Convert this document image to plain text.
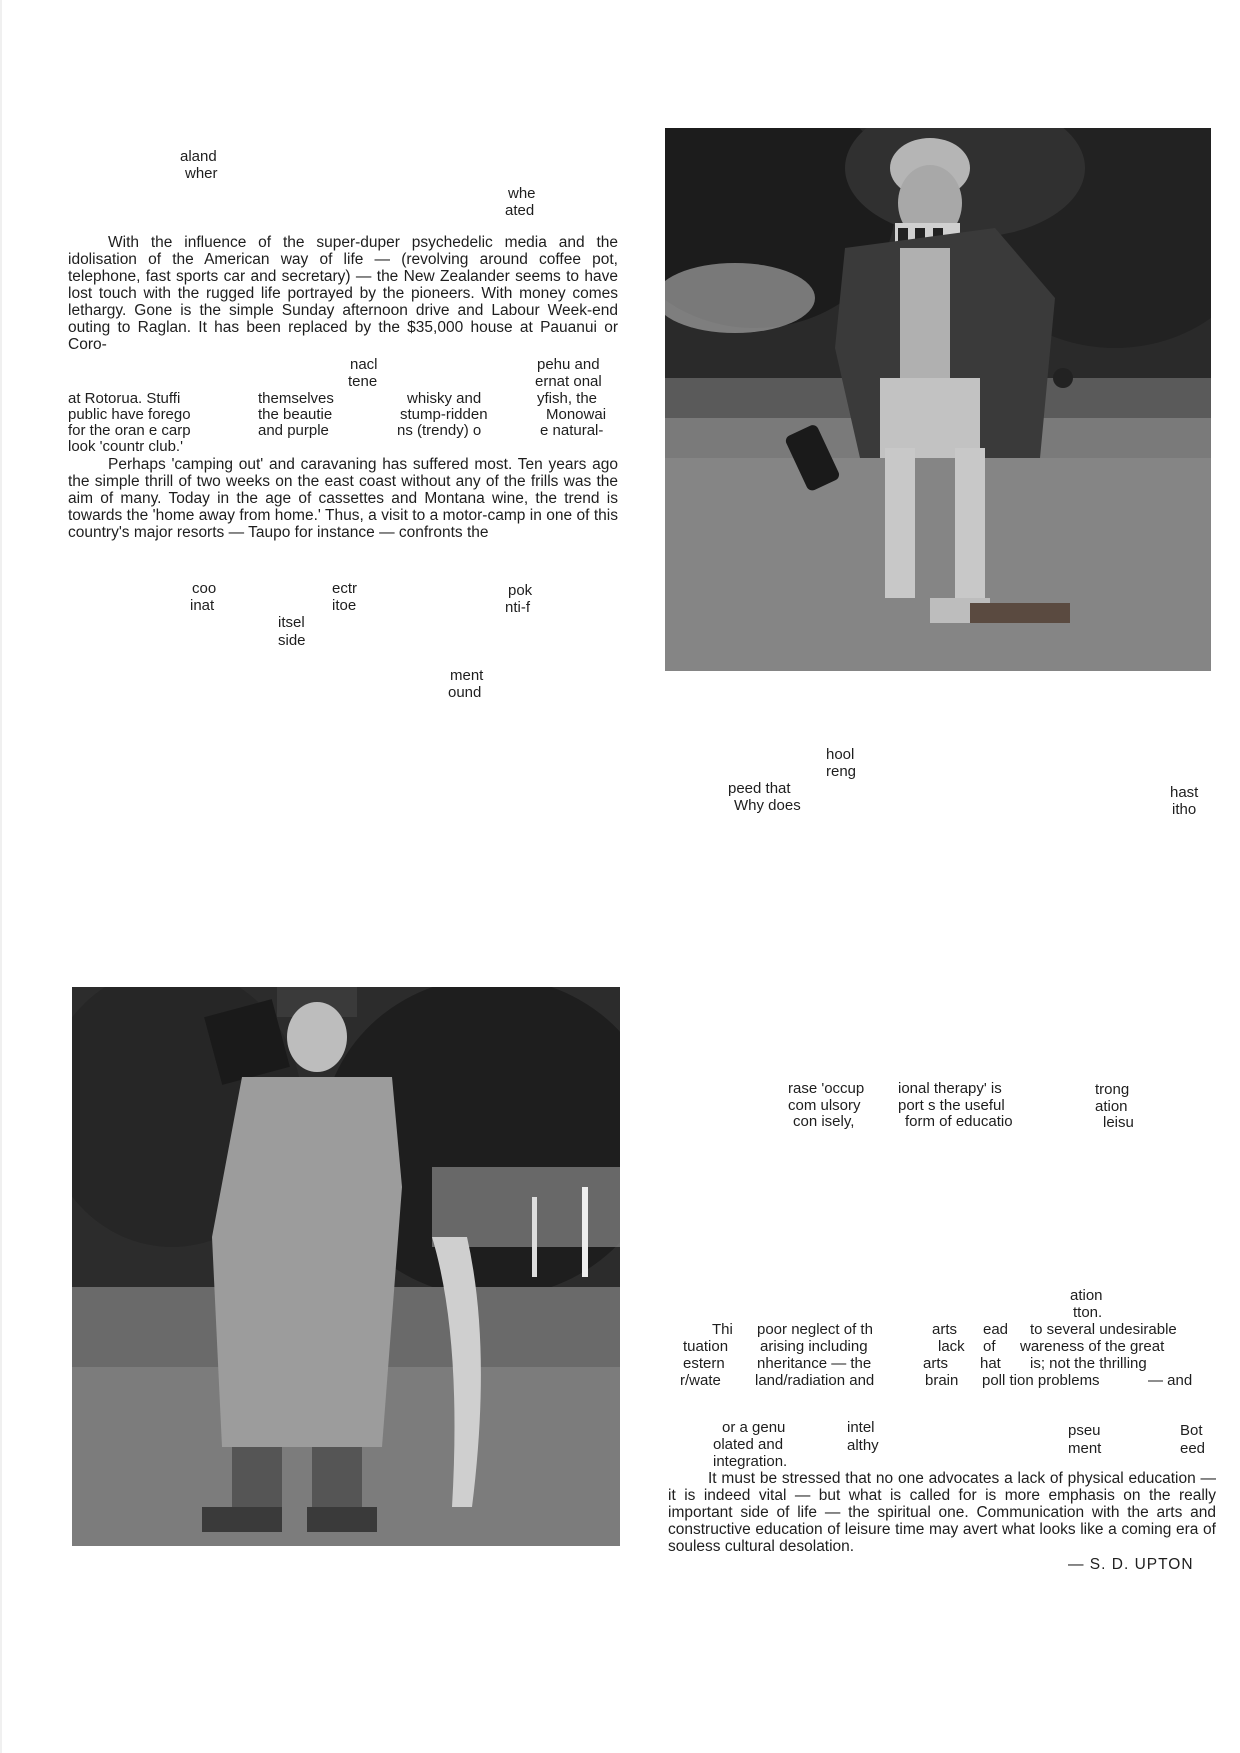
aland
wher
whe
ated

With the influence of the super-duper psychedelic media and the idolisation of the American way of life — (revolving around coffee pot, telephone, fast sports car and secretary) — the New Zealander seems to have lost touch with the rugged life portrayed by the pioneers. With money comes lethargy. Gone is the simple Sunday afternoon drive and Labour Week-end outing to Raglan. It has been replaced by the $35,000 house at Pauanui or Coro-

nacl	pehu and
tene	ernat onal
at Rotorua. Stuffi	themselves	whisky and	yfish, the
public have forego	the beautie	stump-ridden	Monowai
for the oran e carp	and purple	ns (trendy) o	e natural-
look 'countr club.'

Perhaps 'camping out' and caravaning has suffered most. Ten years ago the simple thrill of two weeks on the east coast without any of the frills was the aim of many. Today in the age of cassettes and Montana wine, the trend is towards the 'home away from home.' Thus, a visit to a motor-camp in one of this country's major resorts — Taupo for instance — confronts the

coo	ectr	pok
inat	itoe	nti-f
itsel
side
ment
ound
hool
reng
peed that
Why does
hast
itho
rase 'occup ional therapy' is	trong
com ulsory port s the useful	ation
con isely,	form of educatio	leisu
ation
tton.
Thi poor neglect of th	arts ead to several undesirable
tuation arising including	lack of wareness of the great
estern nheritance — the	arts hat is; not the thrilling
r/wate land/radiation and	brain poll tion problems	— and
or a genu	intel	pseu	Bot
olated and	althy	ment	eed
integration.

It must be stressed that no one advocates a lack of physical education — it is indeed vital — but what is called for is more emphasis on the really important side of life — the spiritual one. Communication with the arts and constructive education of leisure time may avert what looks like a coming era of souless cultural desolation.

— S. D. UPTON
